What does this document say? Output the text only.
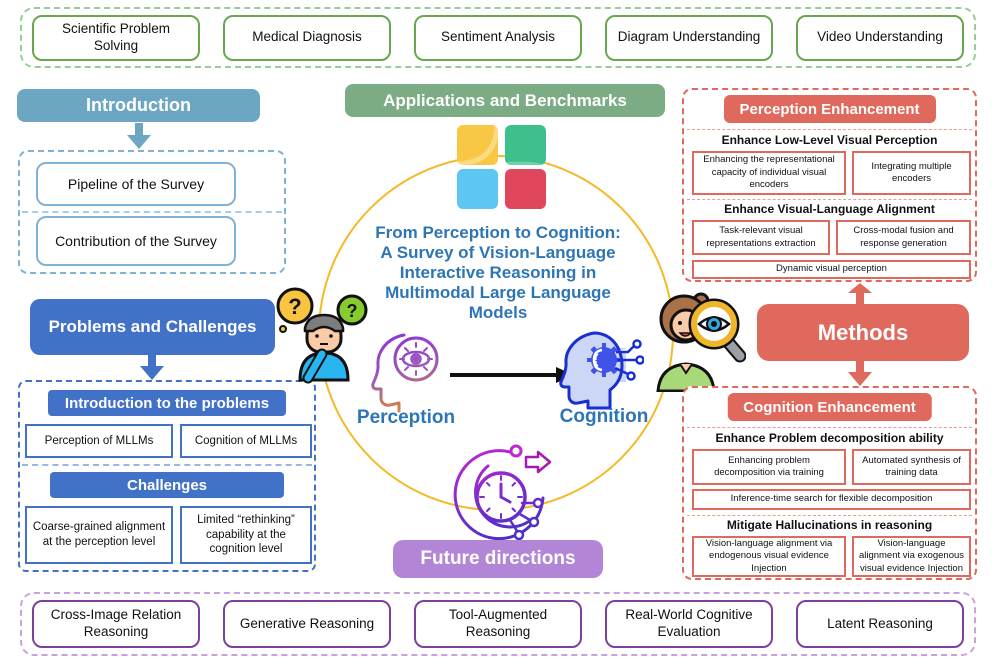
Scientific Problem Solving
Medical Diagnosis	Sentiment Analysis	Diagram Understanding	Video Understanding
Introduction
Pipeline of the Survey
Contribution of the Survey
Problems and Challenges
Introduction to the problems
Perception of MLLMs	Cognition of MLLMs
Challenges
Coarse-grained alignment at the perception level
Limited “rethinking” capability at the cognition level
Applications and Benchmarks
From Perception to Cognition:
A Survey of Vision-Language
Interactive Reasoning in
Multimodal Large Language
Models
? ?
Perception	Cognition
Future directions
Perception Enhancement
Enhance Low-Level Visual Perception
Enhancing the representational capacity of individual visual encoders
Integrating multiple encoders
Enhance Visual-Language Alignment
Task-relevant visual representations extraction
Cross-modal fusion and response generation
Dynamic visual perception
Methods
Cognition Enhancement
Enhance Problem decomposition ability
Enhancing problem decomposition via training
Automated synthesis of training data
Inference-time search for flexible decomposition
Mitigate Hallucinations in reasoning
Vision-language alignment via endogenous visual evidence Injection
Vision-language alignment via exogenous visual evidence Injection
Cross-Image Relation Reasoning
Generative Reasoning
Tool-Augmented Reasoning
Real-World Cognitive Evaluation
Latent Reasoning
